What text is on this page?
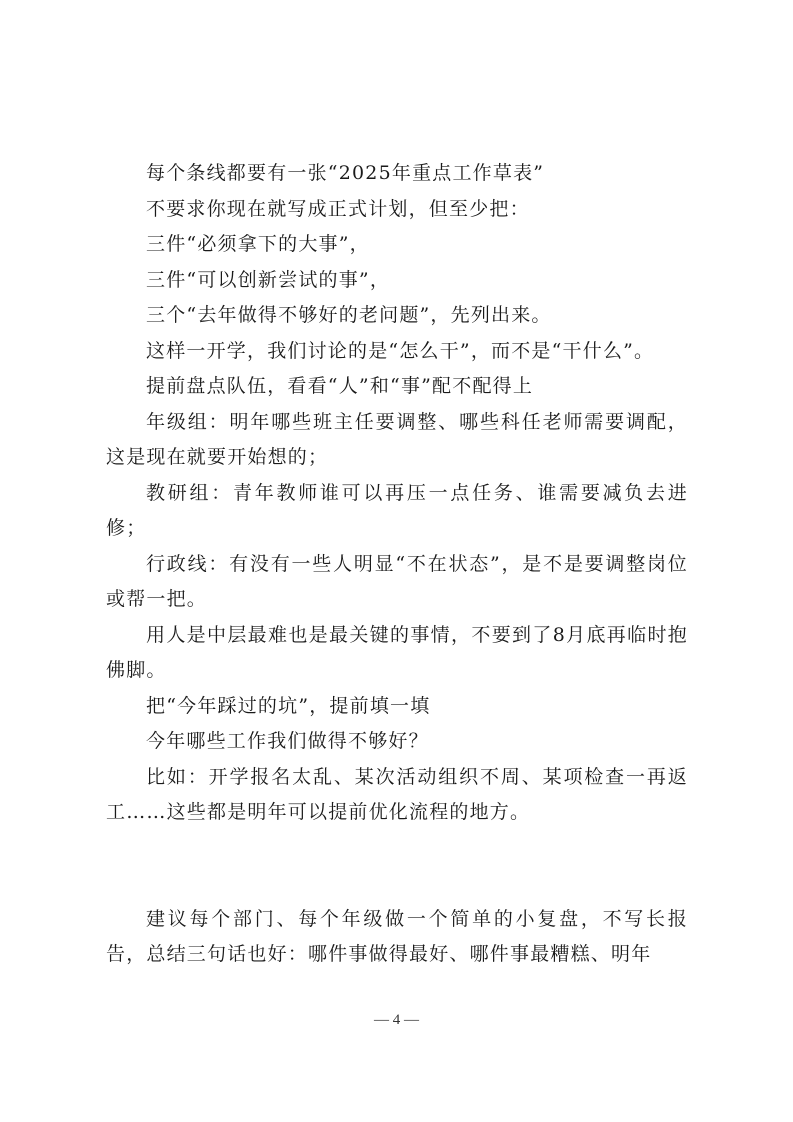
每个条线都要有一张“2025年重点工作草表”

不要求你现在就写成正式计划，但至少把：

三件“必须拿下的大事”，

三件“可以创新尝试的事”，

三个“去年做得不够好的老问题”，先列出来。

这样一开学，我们讨论的是“怎么干”，而不是“干什么”。

提前盘点队伍，看看“人”和“事”配不配得上

年级组：明年哪些班主任要调整、哪些科任老师需要调配，这是现在就要开始想的；

教研组：青年教师谁可以再压一点任务、谁需要减负去进修；

行政线：有没有一些人明显“不在状态”，是不是要调整岗位或帮一把。

用人是中层最难也是最关键的事情，不要到了8月底再临时抱佛脚。

把“今年踩过的坑”，提前填一填

今年哪些工作我们做得不够好？

比如：开学报名太乱、某次活动组织不周、某项检查一再返工……这些都是明年可以提前优化流程的地方。

建议每个部门、每个年级做一个简单的小复盘，不写长报告，总结三句话也好：哪件事做得最好、哪件事最糟糕、明年

— 4 —
